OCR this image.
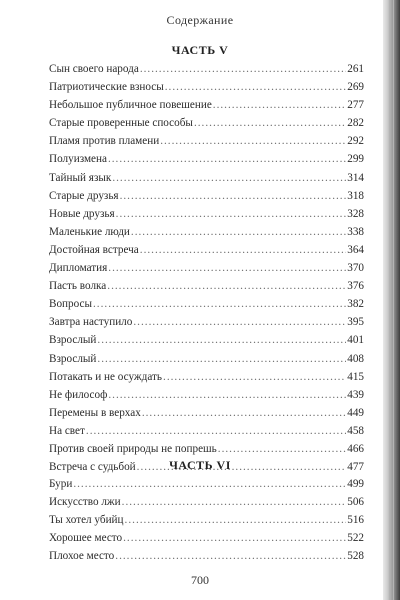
Содержание
ЧАСТЬ V
Сын своего народа .....	261
Патриотические взносы .....	269
Небольшое публичное повешение .....	277
Старые проверенные способы .....	282
Пламя против пламени .....	292
Полуизмена .....	299
Тайный язык .....	314
Старые друзья .....	318
Новые друзья .....	328
Маленькие люди .....	338
Достойная встреча .....	364
Дипломатия .....	370
Пасть волка .....	376
Вопросы .....	382
Завтра наступило .....	395
Взрослый .....	401
Взрослый .....	408
Потакать и не осуждать .....	415
Не философ .....	439
Перемены в верхах .....	449
На свет .....	458
Против своей природы не попрешь .....	466
Встреча с судьбой .....	477
ЧАСТЬ VI
Бури .....	499
Искусство лжи .....	506
Ты хотел убийц .....	516
Хорошее место .....	522
Плохое место .....	528
700
